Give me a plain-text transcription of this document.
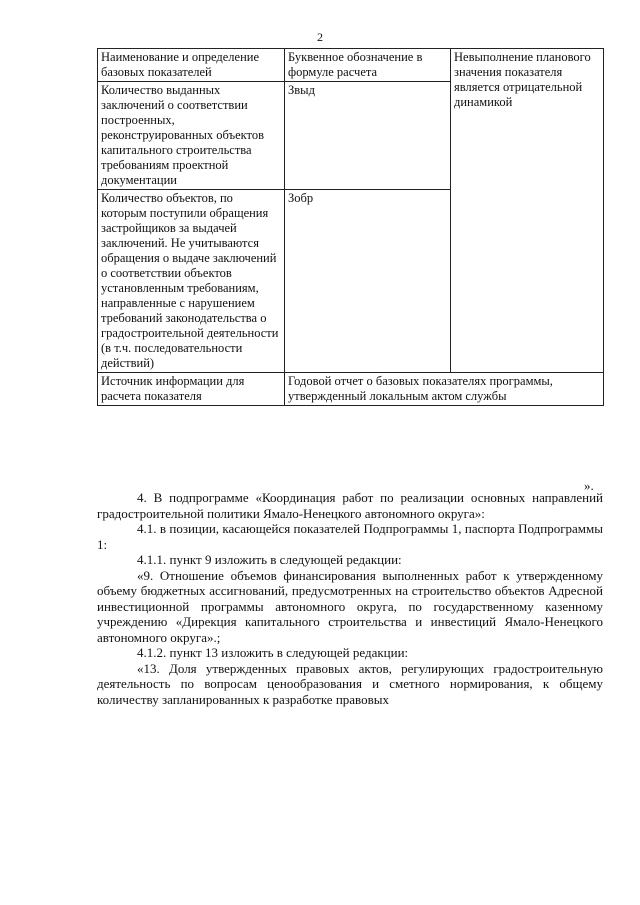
2
Наименование и определение базовых показателей	Буквенное обозначение в формуле расчета	Невыполнение планового значения показателя является отрицательной динамикой
Количество выданных заключений о соответствии построенных, реконструированных объектов капитального строительства требованиям проектной документации	Звыд	
Количество объектов, по которым поступили обращения застройщиков за выдачей заключений. Не учитываются обращения о выдаче заключений о соответствии объектов установленным требованиям, направленные с нарушением требований законодательства о градостроительной деятельности (в т.ч. последовательности действий)	Зобр	
Источник информации для расчета показателя	Годовой отчет о базовых показателях программы, утвержденный локальным актом службы	
».

4. В подпрограмме «Координация работ по реализации основных направлений градостроительной политики Ямало-Ненецкого автономного округа»:

4.1. в позиции, касающейся показателей Подпрограммы 1, паспорта Подпрограммы 1:

4.1.1. пункт 9 изложить в следующей редакции:

«9. Отношение объемов финансирования выполненных работ к утвержденному объему бюджетных ассигнований, предусмотренных на строительство объектов Адресной инвестиционной программы автономного округа, по государственному казенному учреждению «Дирекция капитального строительства и инвестиций Ямало-Ненецкого автономного округа».;

4.1.2. пункт 13 изложить в следующей редакции:

«13. Доля утвержденных правовых актов, регулирующих градостроительную деятельность по вопросам ценообразования и сметного нормирования, к общему количеству запланированных к разработке правовых
